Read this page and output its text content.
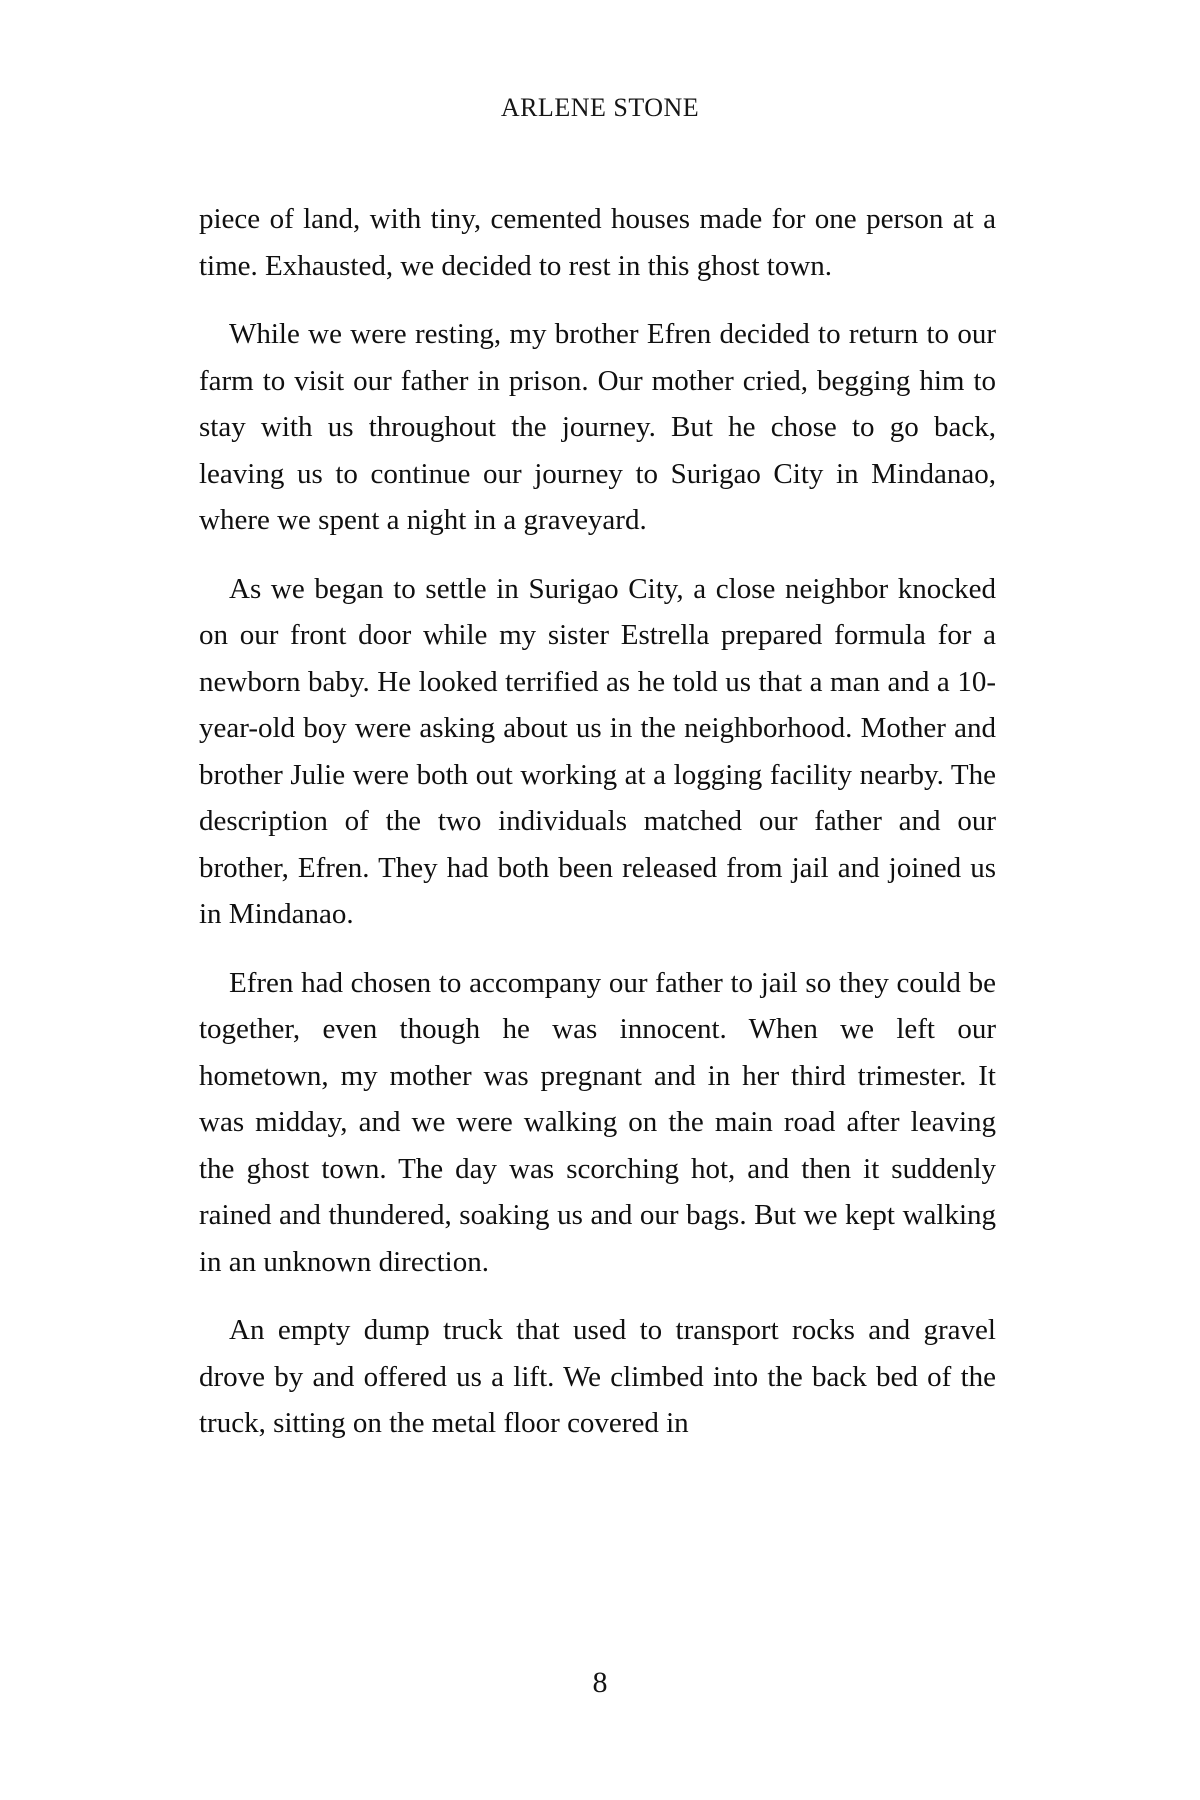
ARLENE STONE

piece of land, with tiny, cemented houses made for one person at a time. Exhausted, we decided to rest in this ghost town.

While we were resting, my brother Efren decided to return to our farm to visit our father in prison. Our mother cried, begging him to stay with us throughout the journey. But he chose to go back, leaving us to continue our journey to Surigao City in Mindanao, where we spent a night in a graveyard.

As we began to settle in Surigao City, a close neighbor knocked on our front door while my sister Estrella prepared formula for a newborn baby. He looked terrified as he told us that a man and a 10-year-old boy were asking about us in the neighborhood. Mother and brother Julie were both out working at a logging facility nearby. The description of the two individuals matched our father and our brother, Efren. They had both been released from jail and joined us in Mindanao.

Efren had chosen to accompany our father to jail so they could be together, even though he was innocent. When we left our hometown, my mother was pregnant and in her third trimester. It was midday, and we were walking on the main road after leaving the ghost town. The day was scorching hot, and then it suddenly rained and thundered, soaking us and our bags. But we kept walking in an unknown direction.

An empty dump truck that used to transport rocks and gravel drove by and offered us a lift. We climbed into the back bed of the truck, sitting on the metal floor covered in

8
